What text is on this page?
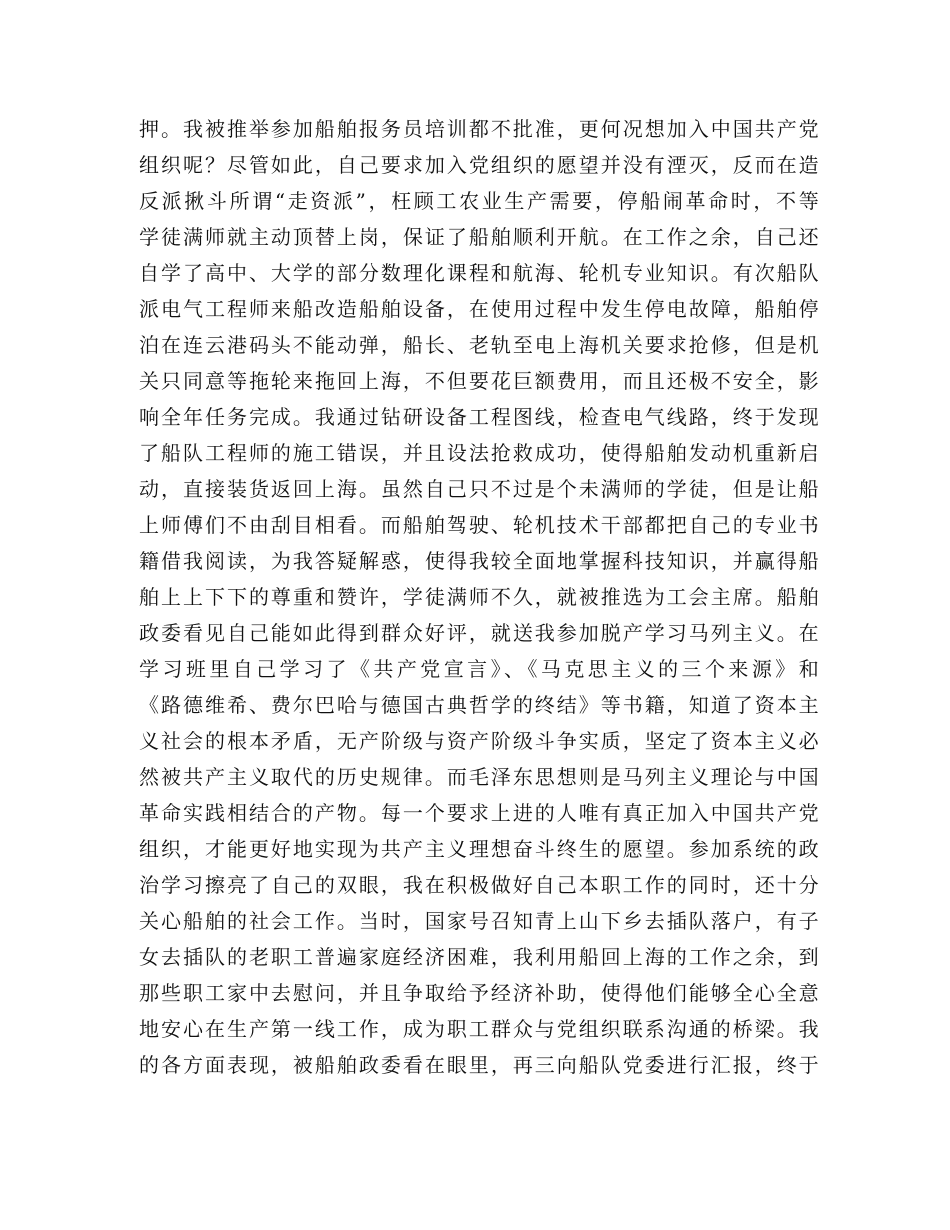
押。我被推举参加船舶报务员培训都不批准，更何况想加入中国共产党
组织呢？尽管如此，自己要求加入党组织的愿望并没有湮灭，反而在造
反派揪斗所谓“走资派”，枉顾工农业生产需要，停船闹革命时，不等
学徒满师就主动顶替上岗，保证了船舶顺利开航。在工作之余，自己还
自学了高中、大学的部分数理化课程和航海、轮机专业知识。有次船队
派电气工程师来船改造船舶设备，在使用过程中发生停电故障，船舶停
泊在连云港码头不能动弹，船长、老轨至电上海机关要求抢修，但是机
关只同意等拖轮来拖回上海，不但要花巨额费用，而且还极不安全，影
响全年任务完成。我通过钻研设备工程图线，检查电气线路，终于发现
了船队工程师的施工错误，并且设法抢救成功，使得船舶发动机重新启
动，直接装货返回上海。虽然自己只不过是个未满师的学徒，但是让船
上师傅们不由刮目相看。而船舶驾驶、轮机技术干部都把自己的专业书
籍借我阅读，为我答疑解惑，使得我较全面地掌握科技知识，并赢得船
舶上上下下的尊重和赞许，学徒满师不久，就被推选为工会主席。船舶
政委看见自己能如此得到群众好评，就送我参加脱产学习马列主义。在
学习班里自己学习了《共产党宣言》、《马克思主义的三个来源》和
《路德维希、费尔巴哈与德国古典哲学的终结》等书籍，知道了资本主
义社会的根本矛盾，无产阶级与资产阶级斗争实质，坚定了资本主义必
然被共产主义取代的历史规律。而毛泽东思想则是马列主义理论与中国
革命实践相结合的产物。每一个要求上进的人唯有真正加入中国共产党
组织，才能更好地实现为共产主义理想奋斗终生的愿望。参加系统的政
治学习擦亮了自己的双眼，我在积极做好自己本职工作的同时，还十分
关心船舶的社会工作。当时，国家号召知青上山下乡去插队落户，有子
女去插队的老职工普遍家庭经济困难，我利用船回上海的工作之余，到
那些职工家中去慰问，并且争取给予经济补助，使得他们能够全心全意
地安心在生产第一线工作，成为职工群众与党组织联系沟通的桥梁。我
的各方面表现，被船舶政委看在眼里，再三向船队党委进行汇报，终于
